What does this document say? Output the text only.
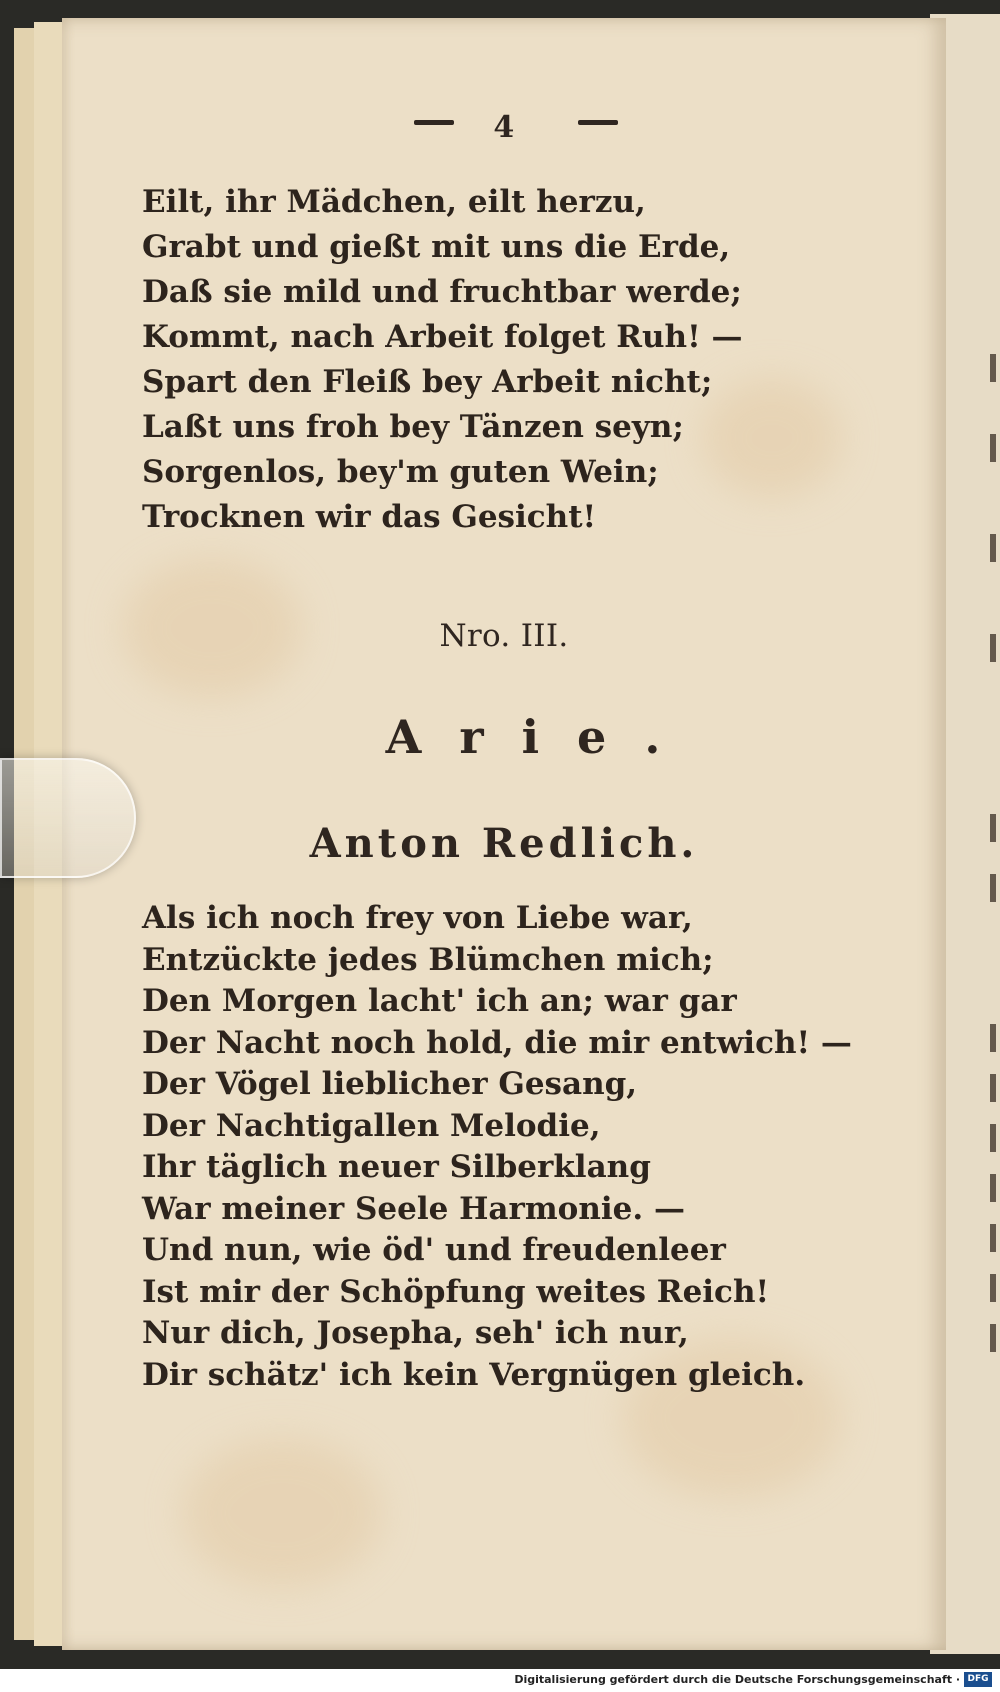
4
Eilt, ihr Mädchen, eilt herzu,
Grabt und gießt mit uns die Erde,
Daß sie mild und fruchtbar werde;
Kommt, nach Arbeit folget Ruh! —
Spart den Fleiß bey Arbeit nicht;
Laßt uns froh bey Tänzen seyn;
Sorgenlos, bey'm guten Wein;
Trocknen wir das Gesicht!
Nro. III.
Arie.
Anton Redlich.
Als ich noch frey von Liebe war,
Entzückte jedes Blümchen mich;
Den Morgen lacht' ich an; war gar
Der Nacht noch hold, die mir entwich! —
Der Vögel lieblicher Gesang,
Der Nachtigallen Melodie,
Ihr täglich neuer Silberklang
War meiner Seele Harmonie. —
Und nun, wie öd' und freudenleer
Ist mir der Schöpfung weites Reich!
Nur dich, Josepha, seh' ich nur,
Dir schätz' ich kein Vergnügen gleich.
Digitalisierung gefördert durch die Deutsche Forschungsgemeinschaft · DFG
